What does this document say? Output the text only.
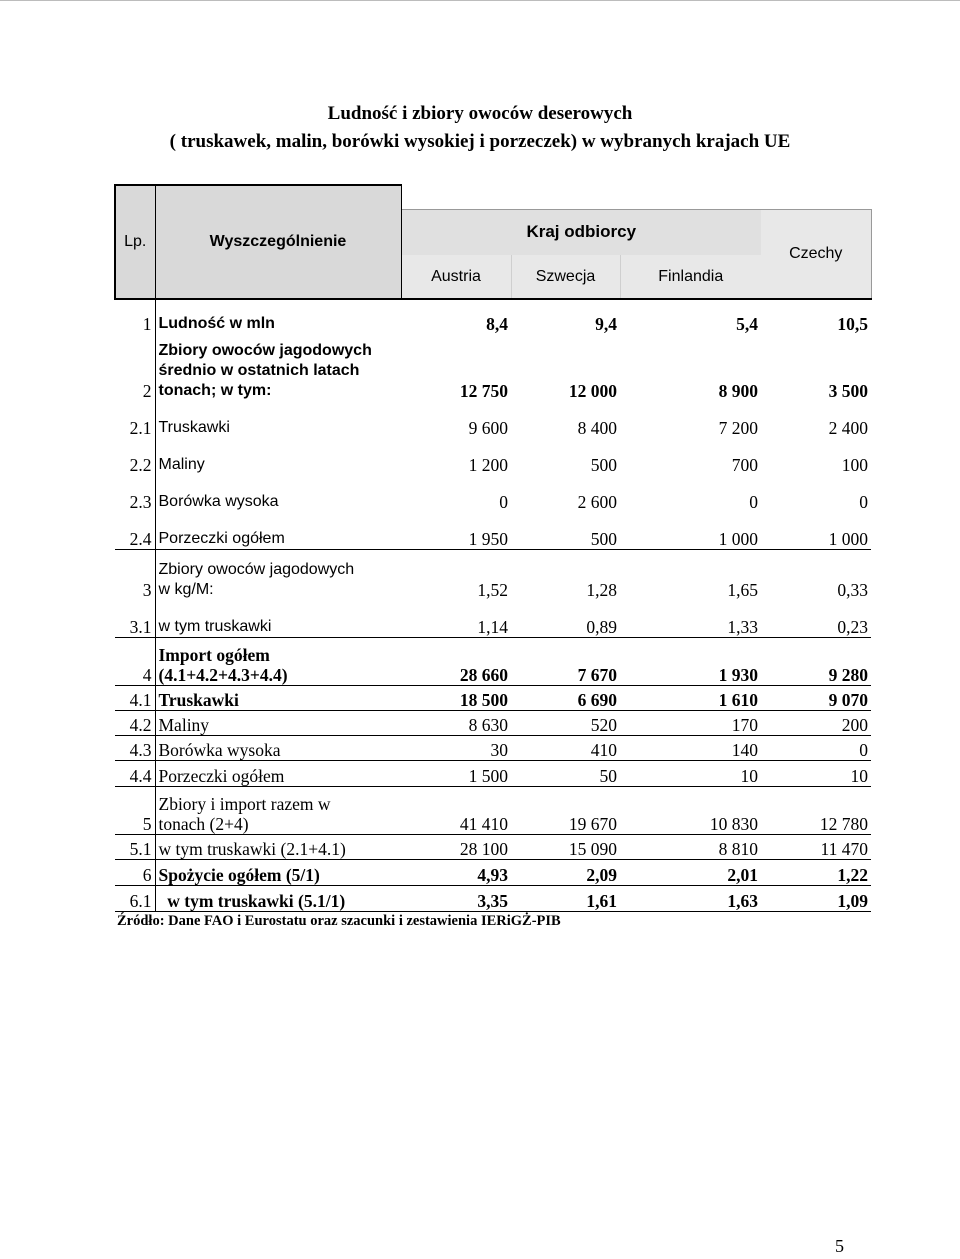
Ludność i zbiory owoców deserowych
( truskawek, malin, borówki wysokiej i porzeczek) w wybranych krajach UE
Lp.	Wyszczególnienie				
		Kraj odbiorcy			Czechy
		Austria	Szwecja	Finlandia	
1	Ludność w mln	8,4	9,4	5,4	10,5
2	Zbiory owoców jagodowych
średnio w ostatnich latach
tonach; w tym:	12 750	12 000	8 900	3 500
2.1	Truskawki	9 600	8 400	7 200	2 400
2.2	Maliny	1 200	500	700	100
2.3	Borówka wysoka	0	2 600	0	0
2.4	Porzeczki ogółem	1 950	500	1 000	1 000
3	Zbiory owoców jagodowych
w kg/M:	1,52	1,28	1,65	0,33
3.1	w tym truskawki	1,14	0,89	1,33	0,23
4	Import ogółem
(4.1+4.2+4.3+4.4)	28 660	7 670	1 930	9 280
4.1	Truskawki	18 500	6 690	1 610	9 070
4.2	Maliny	8 630	520	170	200
4.3	Borówka wysoka	30	410	140	0
4.4	Porzeczki ogółem	1 500	50	10	10
5	Zbiory i import razem w
tonach (2+4)	41 410	19 670	10 830	12 780
5.1	w tym truskawki (2.1+4.1)	28 100	15 090	8 810	11 470
6	Spożycie ogółem (5/1)	4,93	2,09	2,01	1,22
6.1	w tym truskawki (5.1/1)	3,35	1,61	1,63	1,09
Źródło: Dane FAO i Eurostatu oraz szacunki i zestawienia IERiGŻ-PIB
5
